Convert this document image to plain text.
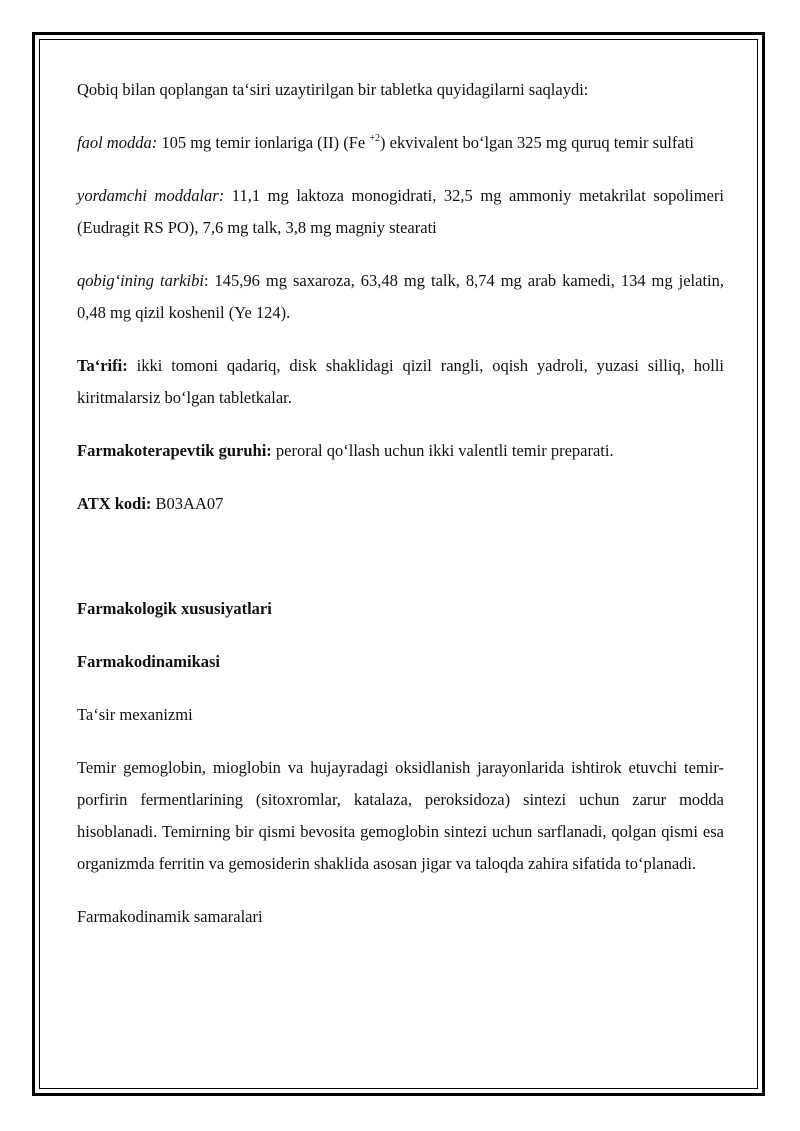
Qobiq bilan qoplangan ta‘siri uzaytirilgan bir tabletka quyidagilarni saqlaydi:

faol modda: 105 mg temir ionlariga (II) (Fe $^{+2}$) ekvivalent bo‘lgan 325 mg quruq temir sulfati

yordamchi moddalar: 11,1 mg laktoza monogidrati, 32,5 mg ammoniy metakrilat sopolimeri (Eudragit RS PO), 7,6 mg talk, 3,8 mg magniy stearati

qobig‘ining tarkibi: 145,96 mg saxaroza, 63,48 mg talk, 8,74 mg arab kamedi, 134 mg jelatin, 0,48 mg qizil koshenil (Ye 124).

Ta‘rifi: ikki tomoni qadariq, disk shaklidagi qizil rangli, oqish yadroli, yuzasi silliq, holli kiritmalarsiz bo‘lgan tabletkalar.

Farmakoterapevtik guruhi: peroral qo‘llash uchun ikki valentli temir preparati.

ATX kodi: B03AA07

Farmakologik xususiyatlari

Farmakodinamikasi

Ta‘sir mexanizmi

Temir gemoglobin, mioglobin va hujayradagi oksidlanish jarayonlarida ishtirok etuvchi temir-porfirin fermentlarining (sitoxromlar, katalaza, peroksidoza) sintezi uchun zarur modda hisoblanadi. Temirning bir qismi bevosita gemoglobin sintezi uchun sarflanadi, qolgan qismi esa organizmda ferritin va gemosiderin shaklida asosan jigar va taloqda zahira sifatida to‘planadi.

Farmakodinamik samaralari
